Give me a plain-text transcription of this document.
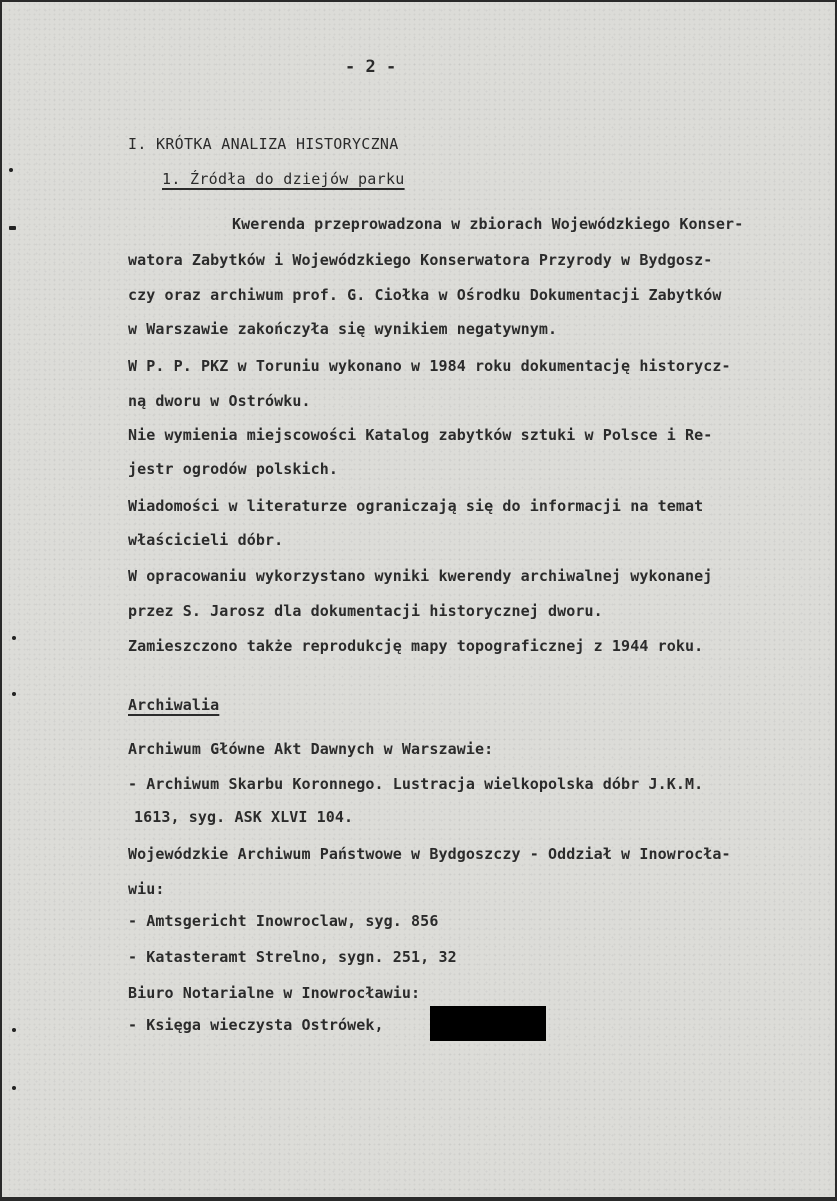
- 2 -
I. KRÓTKA ANALIZA HISTORYCZNA
1. Źródła do dziejów parku
Kwerenda przeprowadzona w zbiorach Wojewódzkiego Konser-
watora Zabytków i Wojewódzkiego Konserwatora Przyrody w Bydgosz-
czy oraz archiwum prof. G. Ciołka w Ośrodku Dokumentacji Zabytków
w Warszawie zakończyła się wynikiem negatywnym.
W P. P. PKZ w Toruniu wykonano w 1984 roku dokumentację historycz-
ną dworu w Ostrówku.
Nie wymienia miejscowości Katalog zabytków sztuki w Polsce i Re-
jestr ogrodów polskich.
Wiadomości w literaturze ograniczają się do informacji na temat
właścicieli dóbr.
W opracowaniu wykorzystano wyniki kwerendy archiwalnej wykonanej
przez S. Jarosz dla dokumentacji historycznej dworu.
Zamieszczono także reprodukcję mapy topograficznej z 1944 roku.
Archiwalia
Archiwum Główne Akt Dawnych w Warszawie:
- Archiwum Skarbu Koronnego. Lustracja wielkopolska dóbr J.K.M.
1613, syg. ASK XLVI 104.
Wojewódzkie Archiwum Państwowe w Bydgoszczy - Oddział w Inowrocła-
wiu:
- Amtsgericht Inowroclaw, syg. 856
- Katasteramt Strelno, sygn. 251, 32
Biuro Notarialne w Inowrocławiu:
- Księga wieczysta Ostrówek,
